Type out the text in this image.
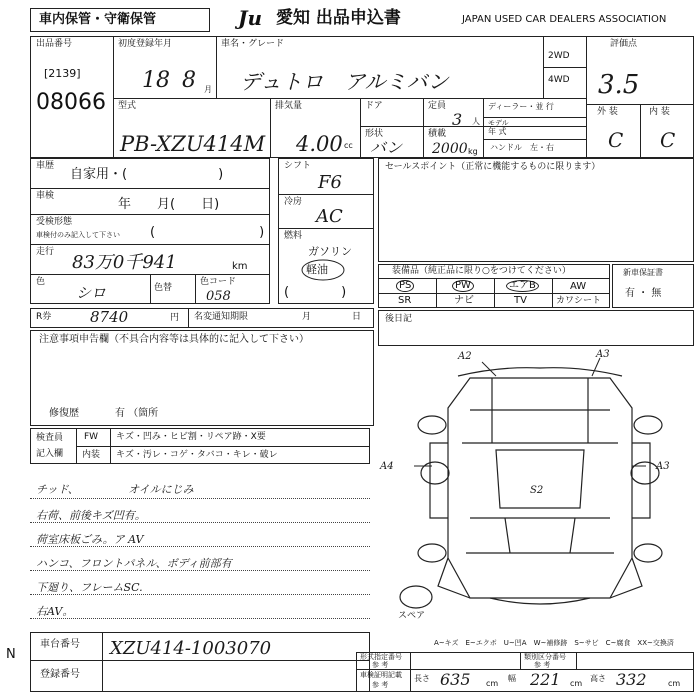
車内保管・守衛保管	Ju 愛知 出品申込書	JAPAN USED CAR DEALERS ASSOCIATION
出品番号
[2139]
08066
初度登録年月
18 8 月
車名・グレード
デュトロ　アルミバン
2WD
4WD
評価点
3.5
外 装	内 装
C C
型式
PB-XZU414M
排気量
4.00 cc
ドア	定員
3 人
ディーラー・並 行
モデル
年 式
ハンドル　左・右
形状
バン
積載
2000 kg
車歴
自家用・(　　　　　　　)
車検
年　　月(　　日)
受検形態
車検付のみ記入して下さい (　　　　　　　　)
走行 83万0千941	km
色
シロ	色替
色コード
058
シフト
F6
冷房
AC
燃料
ガソリン
軽油
(　　　　)
セールスポイント（正常に機能するものに限ります）
装備品（純正品に限り○をつけてください）
PS	PW	エアB	AW
SR	ナビ	TV	カワシート
新車保証書
有 ・ 無
R券	8740	円 名変通知期限	月	日
注意事項申告欄（不具合内容等は具体的に記入して下さい）
修復歴	有 （箇所
後日記
A2	A3
A4	A3
S2
スペア
A~キズ　E~エクボ　U~凹A　W~補修跡　S~サビ　C~腐食　XX~交換済
検査員
記入欄
FW キズ・凹み・ヒビ割・リペア跡・X要
内装 キズ・汚レ・コゲ・タバコ・キレ・破レ
チッド、　　　　　オイルにじみ
右荷、前後キズ凹有。
荷室床板ごみ。ア AV
ハンコ、フロントパネル、ボディ前部有
下廻り、フレームSC.
右AV。
N
車台番号 XZU414-1003070
登録番号
形式指定番号
参 考
類別区分番号
参 考
車検証明記載
参 考
長さ 635 cm
幅 221 cm
高さ 332	cm
